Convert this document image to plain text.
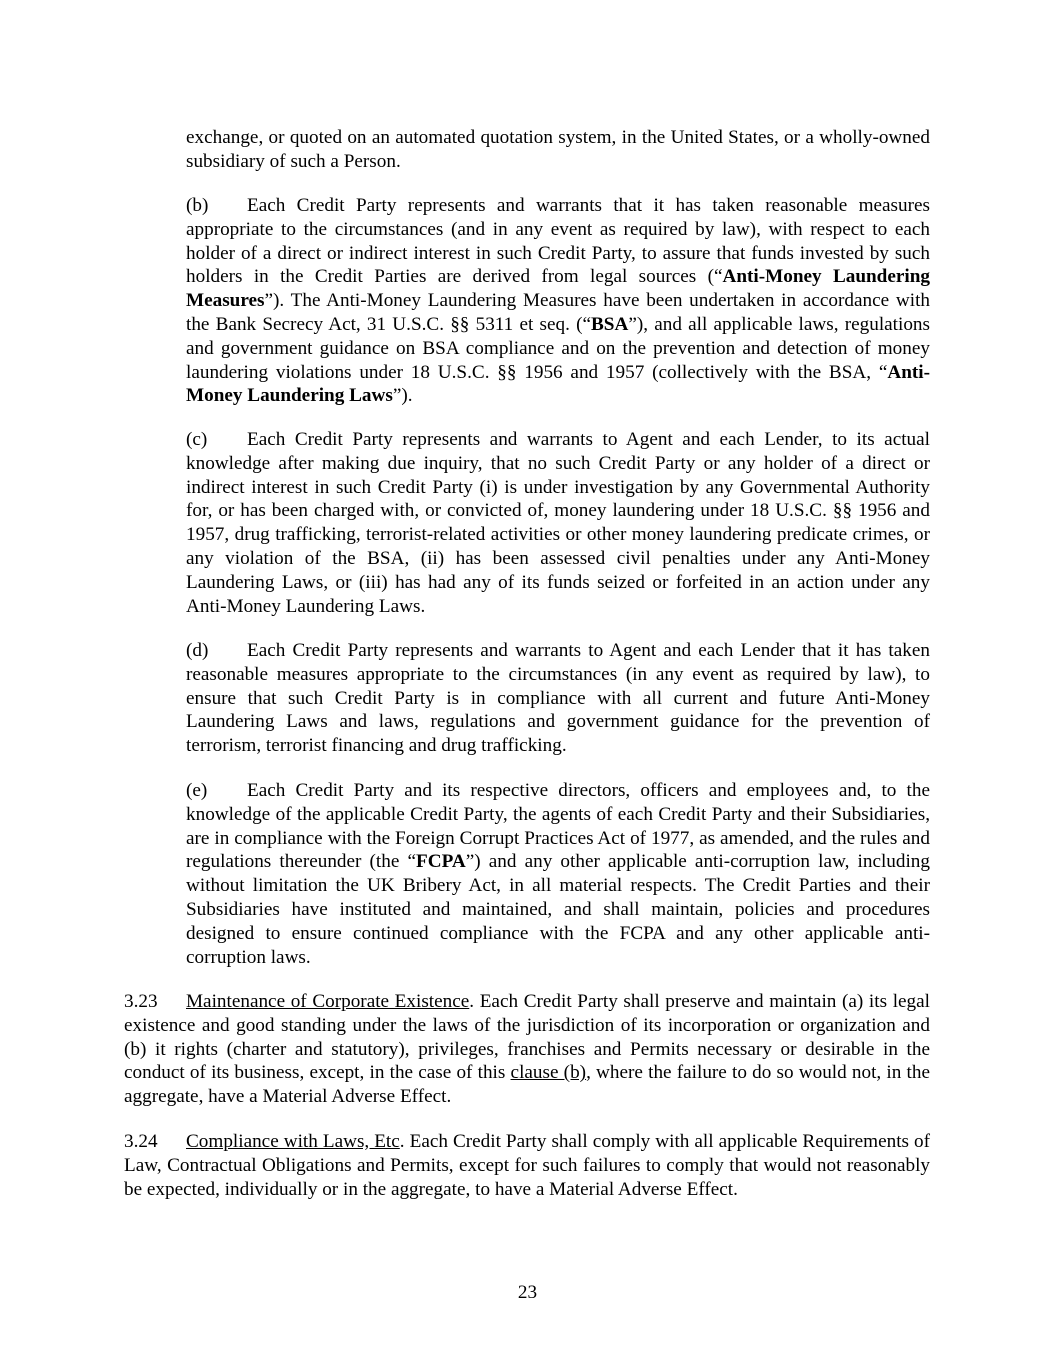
exchange, or quoted on an automated quotation system, in the United States, or a wholly-owned subsidiary of such a Person.

(b) Each Credit Party represents and warrants that it has taken reasonable measures appropriate to the circumstances (and in any event as required by law), with respect to each holder of a direct or indirect interest in such Credit Party, to assure that funds invested by such holders in the Credit Parties are derived from legal sources (“Anti-Money Laundering Measures”). The Anti-Money Laundering Measures have been undertaken in accordance with the Bank Secrecy Act, 31 U.S.C. §§ 5311 et seq. (“BSA”), and all applicable laws, regulations and government guidance on BSA compliance and on the prevention and detection of money laundering violations under 18 U.S.C. §§ 1956 and 1957 (collectively with the BSA, “Anti-Money Laundering Laws”).

(c) Each Credit Party represents and warrants to Agent and each Lender, to its actual knowledge after making due inquiry, that no such Credit Party or any holder of a direct or indirect interest in such Credit Party (i) is under investigation by any Governmental Authority for, or has been charged with, or convicted of, money laundering under 18 U.S.C. §§ 1956 and 1957, drug trafficking, terrorist-related activities or other money laundering predicate crimes, or any violation of the BSA, (ii) has been assessed civil penalties under any Anti-Money Laundering Laws, or (iii) has had any of its funds seized or forfeited in an action under any Anti-Money Laundering Laws.

(d) Each Credit Party represents and warrants to Agent and each Lender that it has taken reasonable measures appropriate to the circumstances (in any event as required by law), to ensure that such Credit Party is in compliance with all current and future Anti-Money Laundering Laws and laws, regulations and government guidance for the prevention of terrorism, terrorist financing and drug trafficking.

(e) Each Credit Party and its respective directors, officers and employees and, to the knowledge of the applicable Credit Party, the agents of each Credit Party and their Subsidiaries, are in compliance with the Foreign Corrupt Practices Act of 1977, as amended, and the rules and regulations thereunder (the “FCPA”) and any other applicable anti-corruption law, including without limitation the UK Bribery Act, in all material respects. The Credit Parties and their Subsidiaries have instituted and maintained, and shall maintain, policies and procedures designed to ensure continued compliance with the FCPA and any other applicable anti-corruption laws.

3.23 Maintenance of Corporate Existence. Each Credit Party shall preserve and maintain (a) its legal existence and good standing under the laws of the jurisdiction of its incorporation or organization and (b) it rights (charter and statutory), privileges, franchises and Permits necessary or desirable in the conduct of its business, except, in the case of this clause (b), where the failure to do so would not, in the aggregate, have a Material Adverse Effect.

3.24 Compliance with Laws, Etc. Each Credit Party shall comply with all applicable Requirements of Law, Contractual Obligations and Permits, except for such failures to comply that would not reasonably be expected, individually or in the aggregate, to have a Material Adverse Effect.

23
